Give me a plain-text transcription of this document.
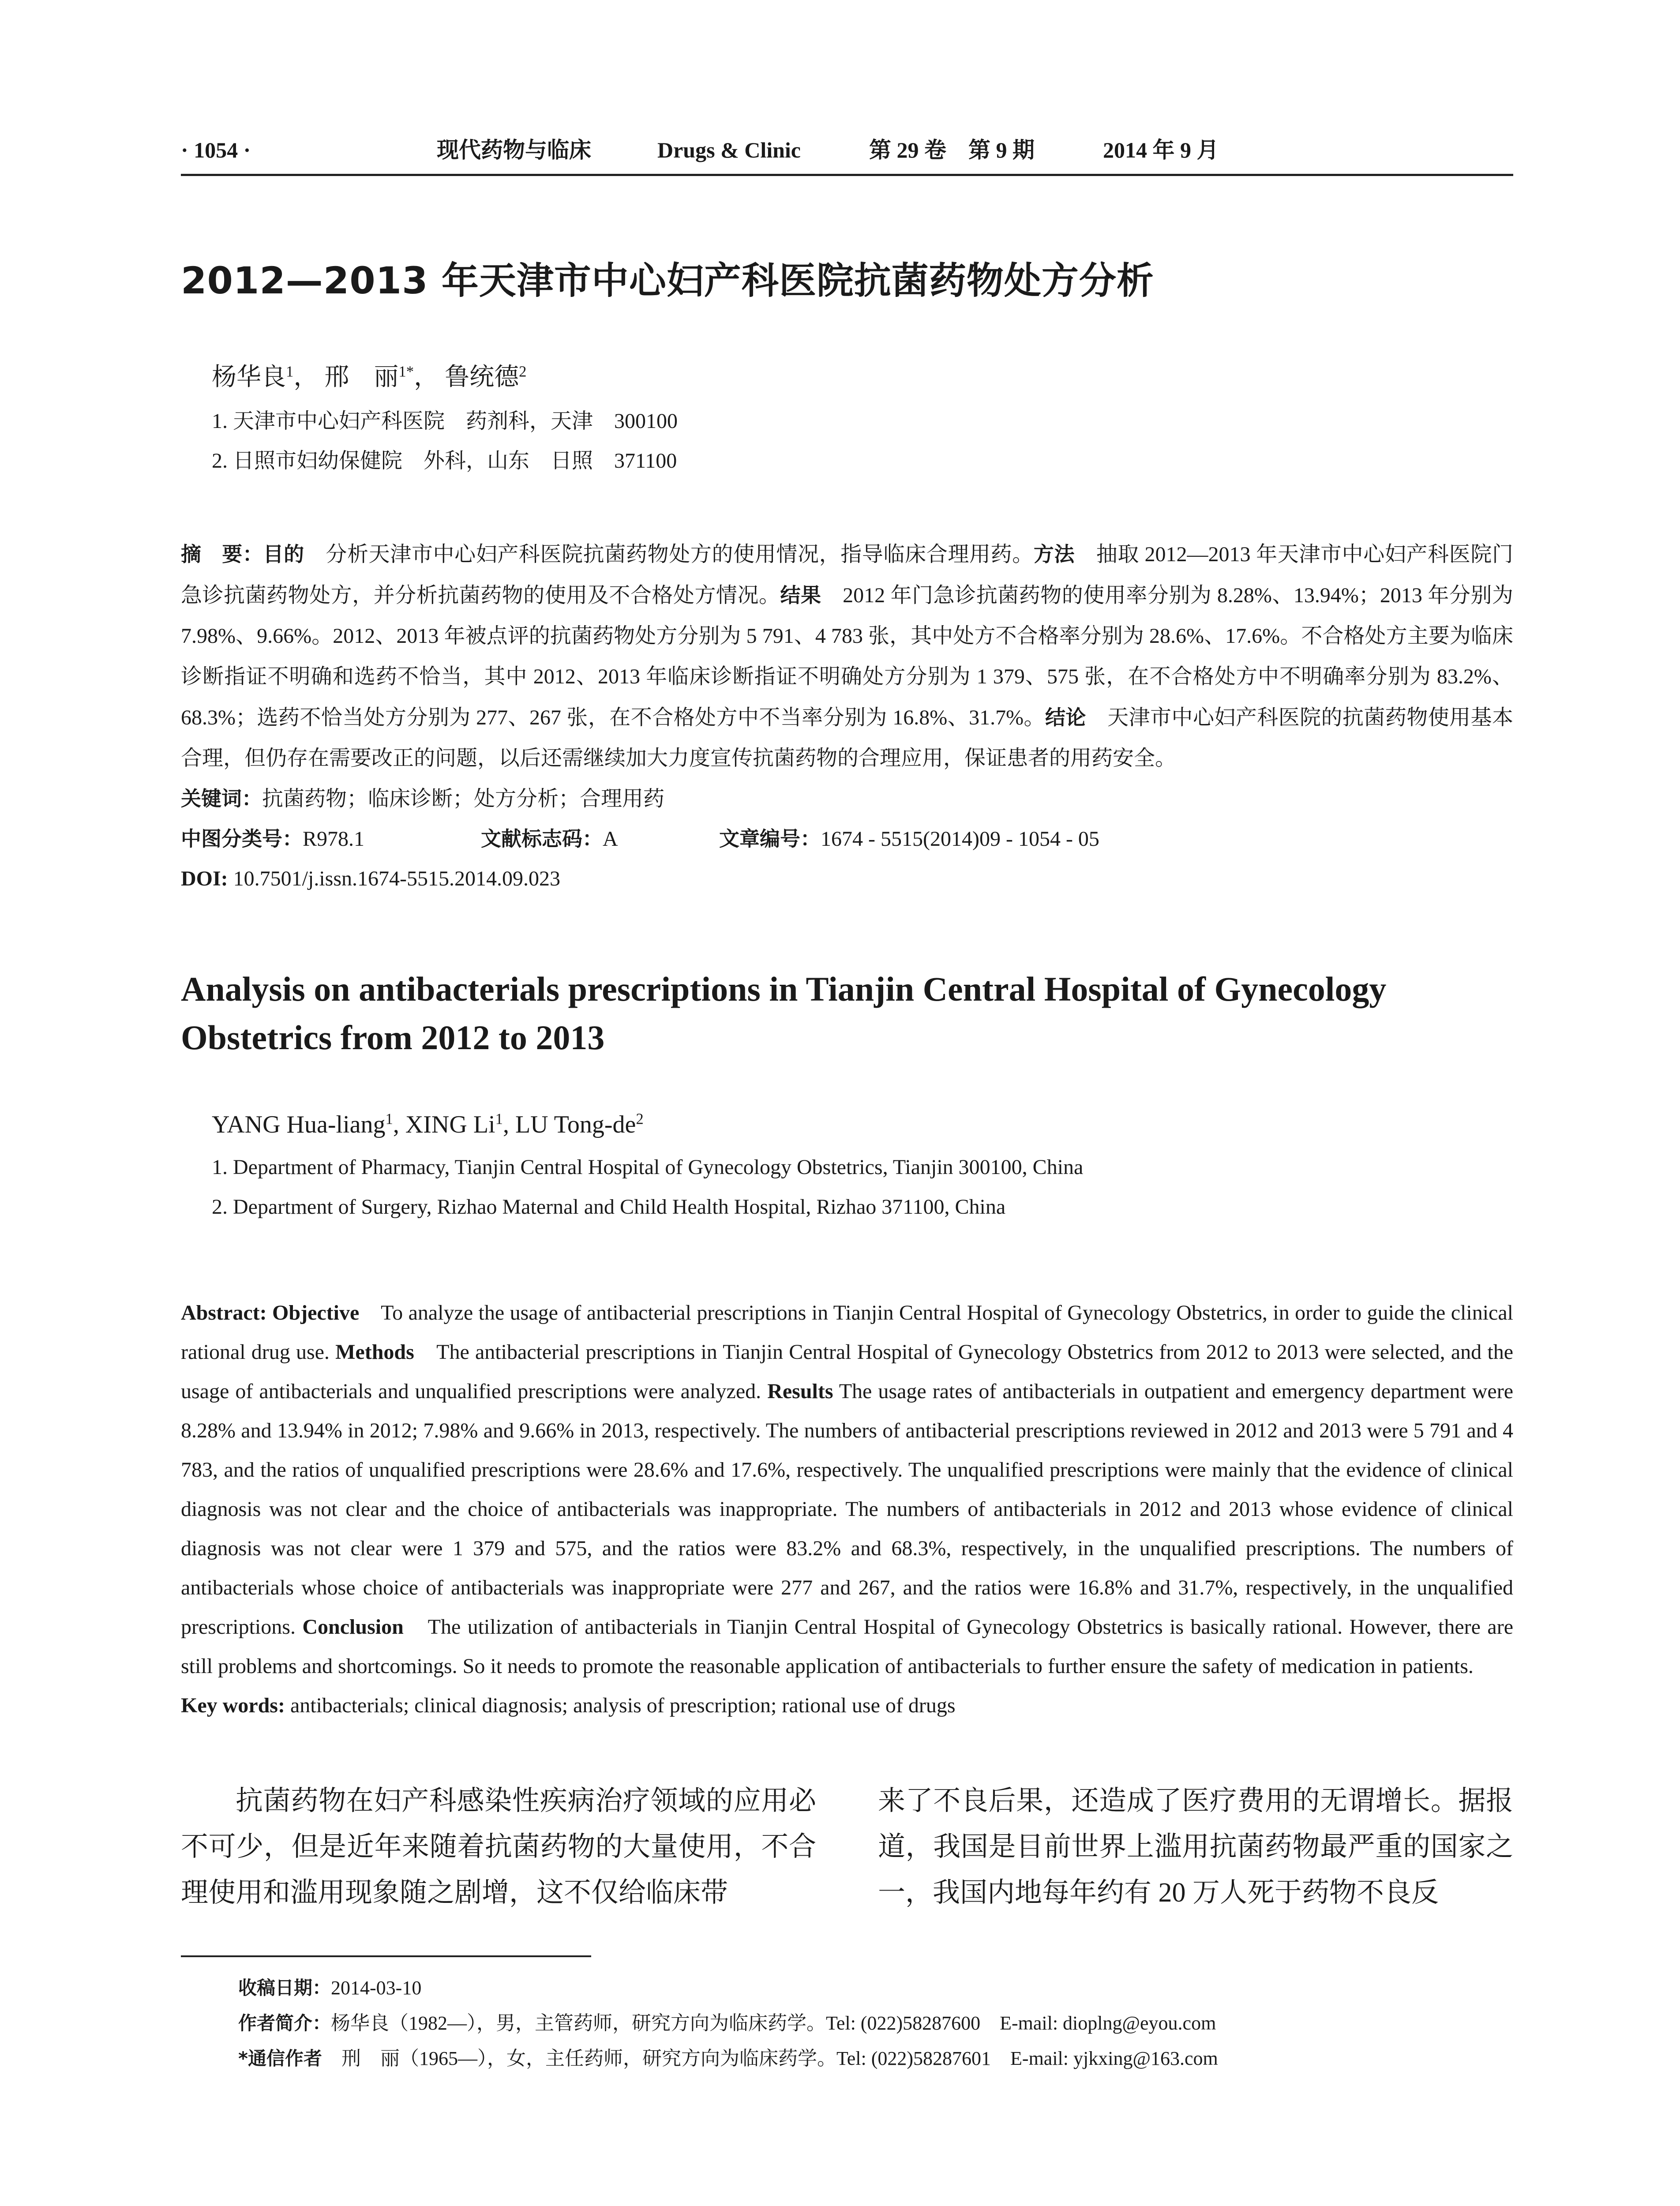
· 1054 ·	现代药物与临床	Drugs & Clinic	第 29 卷　第 9 期	2014 年 9 月
2012—2013 年天津市中心妇产科医院抗菌药物处方分析
杨华良$^1$， 邢　丽$^{1*}$， 鲁统德$^2$
1. 天津市中心妇产科医院　药剂科，天津　300100
2. 日照市妇幼保健院　外科，山东　日照　371100
摘　要：目的　分析天津市中心妇产科医院抗菌药物处方的使用情况，指导临床合理用药。方法　抽取 2012—2013 年天津市中心妇产科医院门急诊抗菌药物处方，并分析抗菌药物的使用及不合格处方情况。结果　2012 年门急诊抗菌药物的使用率分别为 8.28%、13.94%；2013 年分别为 7.98%、9.66%。2012、2013 年被点评的抗菌药物处方分别为 5 791、4 783 张，其中处方不合格率分别为 28.6%、17.6%。不合格处方主要为临床诊断指证不明确和选药不恰当，其中 2012、2013 年临床诊断指证不明确处方分别为 1 379、575 张，在不合格处方中不明确率分别为 83.2%、68.3%；选药不恰当处方分别为 277、267 张，在不合格处方中不当率分别为 16.8%、31.7%。结论　天津市中心妇产科医院的抗菌药物使用基本合理，但仍存在需要改正的问题，以后还需继续加大力度宣传抗菌药物的合理应用，保证患者的用药安全。
关键词：抗菌药物；临床诊断；处方分析；合理用药
中图分类号：R978.1	文献标志码：A	文章编号：1674 - 5515(2014)09 - 1054 - 05
DOI: 10.7501/j.issn.1674-5515.2014.09.023
Analysis on antibacterials prescriptions in Tianjin Central Hospital of Gynecology Obstetrics from 2012 to 2013
YANG Hua-liang$^1$, XING Li$^1$, LU Tong-$de^2$
1. Department of Pharmacy, Tianjin Central Hospital of Gynecology Obstetrics, Tianjin 300100, China
2. Department of Surgery, Rizhao Maternal and Child Health Hospital, Rizhao 371100, China
Abstract: Objective　To analyze the usage of antibacterial prescriptions in Tianjin Central Hospital of Gynecology Obstetrics, in order to guide the clinical rational drug use. Methods　The antibacterial prescriptions in Tianjin Central Hospital of Gynecology Obstetrics from 2012 to 2013 were selected, and the usage of antibacterials and unqualified prescriptions were analyzed. Results The usage rates of antibacterials in outpatient and emergency department were 8.28% and 13.94% in 2012; 7.98% and 9.66% in 2013, respectively. The numbers of antibacterial prescriptions reviewed in 2012 and 2013 were 5 791 and 4 783, and the ratios of unqualified prescriptions were 28.6% and 17.6%, respectively. The unqualified prescriptions were mainly that the evidence of clinical diagnosis was not clear and the choice of antibacterials was inappropriate. The numbers of antibacterials in 2012 and 2013 whose evidence of clinical diagnosis was not clear were 1 379 and 575, and the ratios were 83.2% and 68.3%, respectively, in the unqualified prescriptions. The numbers of antibacterials whose choice of antibacterials was inappropriate were 277 and 267, and the ratios were 16.8% and 31.7%, respectively, in the unqualified prescriptions. Conclusion　The utilization of antibacterials in Tianjin Central Hospital of Gynecology Obstetrics is basically rational. However, there are still problems and shortcomings. So it needs to promote the reasonable application of antibacterials to further ensure the safety of medication in patients.
Key words: antibacterials; clinical diagnosis; analysis of prescription; rational use of drugs

抗菌药物在妇产科感染性疾病治疗领域的应用必不可少，但是近年来随着抗菌药物的大量使用，不合理使用和滥用现象随之剧增，这不仅给临床带

来了不良后果，还造成了医疗费用的无谓增长。据报道，我国是目前世界上滥用抗菌药物最严重的国家之一，我国内地每年约有 20 万人死于药物不良反

收稿日期：2014-03-10
作者简介：杨华良（1982—），男，主管药师，研究方向为临床药学。Tel: (022)58287600　E-mail: dioplng@eyou.com
*通信作者　刑　丽（1965—），女，主任药师，研究方向为临床药学。Tel: (022)58287601　E-mail: yjkxing@163.com
